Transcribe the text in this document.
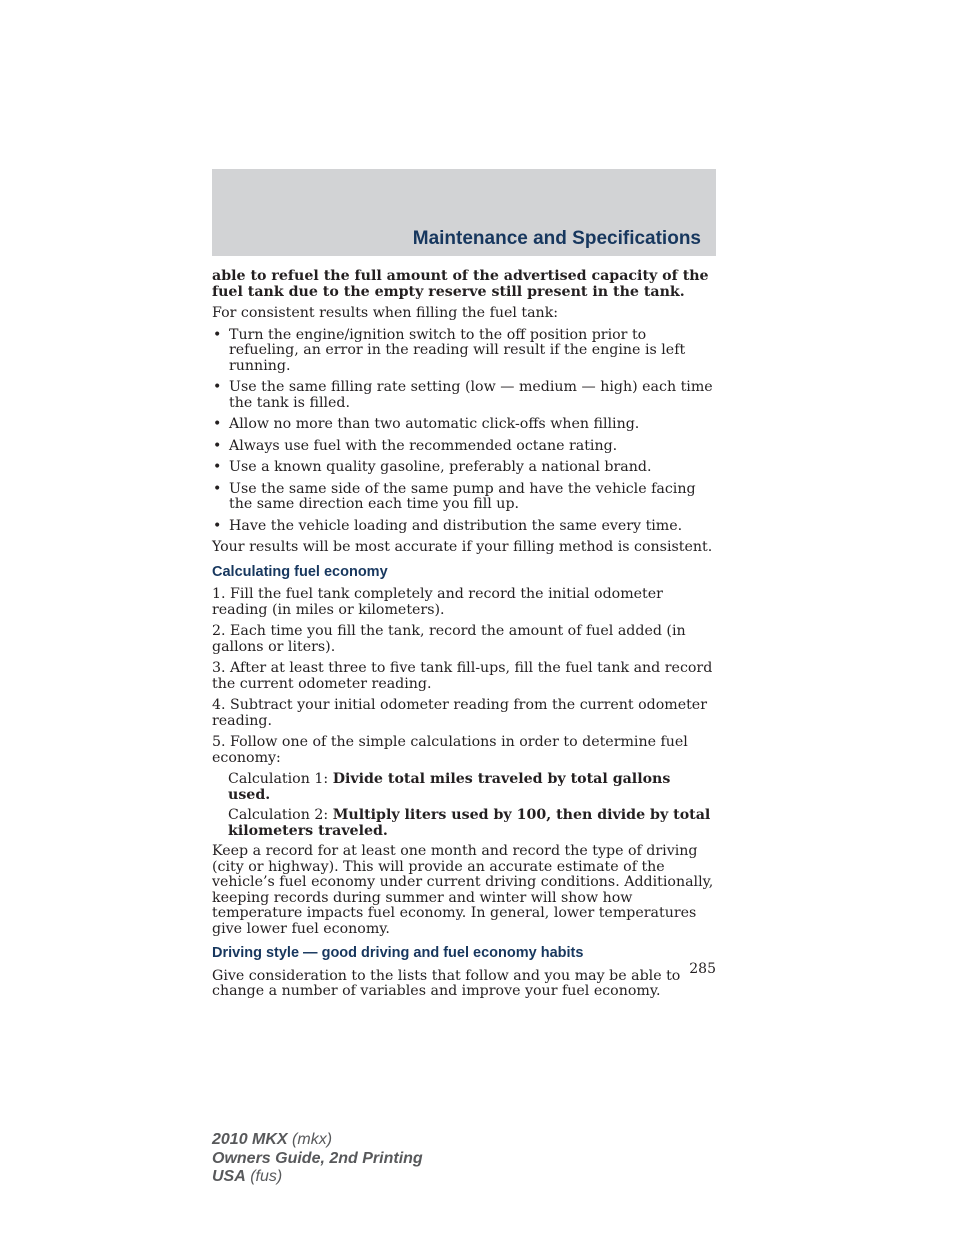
Maintenance and Specifications

able to refuel the full amount of the advertised capacity of the fuel tank due to the empty reserve still present in the tank.

For consistent results when filling the fuel tank:

• Turn the engine/ignition switch to the off position prior to refueling, an error in the reading will result if the engine is left running.
• Use the same filling rate setting (low — medium — high) each time the tank is filled.
• Allow no more than two automatic click-offs when filling.
• Always use fuel with the recommended octane rating.
• Use a known quality gasoline, preferably a national brand.
• Use the same side of the same pump and have the vehicle facing the same direction each time you fill up.
• Have the vehicle loading and distribution the same every time.

Your results will be most accurate if your filling method is consistent.

Calculating fuel economy

1. Fill the fuel tank completely and record the initial odometer reading (in miles or kilometers).

2. Each time you fill the tank, record the amount of fuel added (in gallons or liters).

3. After at least three to five tank fill-ups, fill the fuel tank and record the current odometer reading.

4. Subtract your initial odometer reading from the current odometer reading.

5. Follow one of the simple calculations in order to determine fuel economy:

Calculation 1: Divide total miles traveled by total gallons used.

Calculation 2: Multiply liters used by 100, then divide by total kilometers traveled.

Keep a record for at least one month and record the type of driving (city or highway). This will provide an accurate estimate of the vehicle’s fuel economy under current driving conditions. Additionally, keeping records during summer and winter will show how temperature impacts fuel economy. In general, lower temperatures give lower fuel economy.

Driving style — good driving and fuel economy habits

Give consideration to the lists that follow and you may be able to change a number of variables and improve your fuel economy.

285
2010 MKX (mkx)
Owners Guide, 2nd Printing
USA (fus)
